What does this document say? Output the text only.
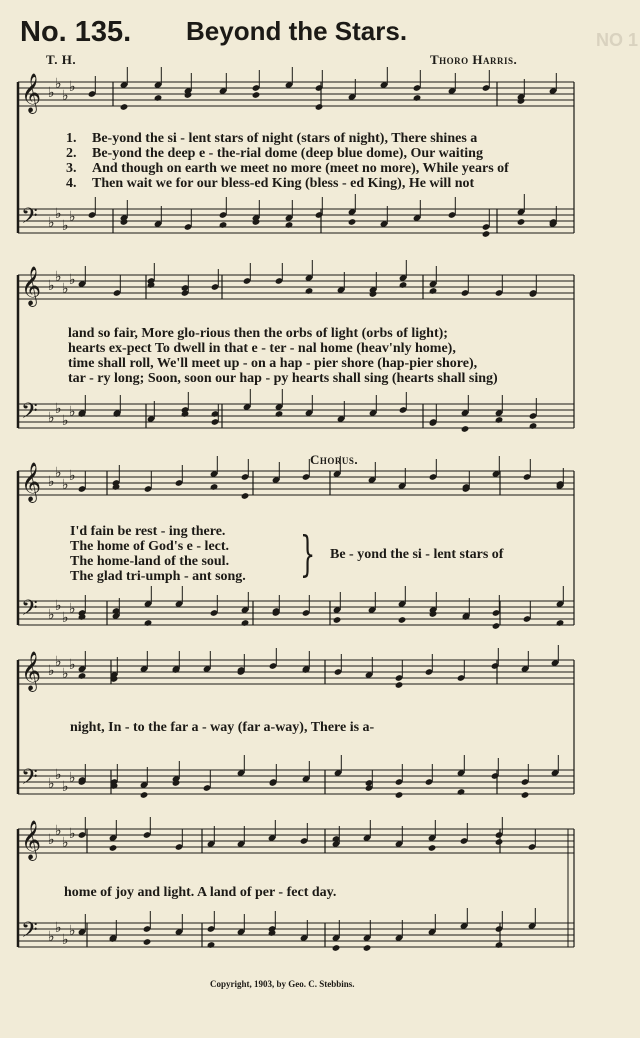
𝄞 ♭
♭
♭
♭
𝄢 ♭
♭
♭
♭
𝄞 ♭
♭
♭
♭
𝄢 ♭
♭
♭
♭
𝄞 ♭
♭
♭
♭
𝄢 ♭
♭
♭
♭
𝄞 ♭
♭
♭
♭
𝄢 ♭
♭
♭
♭
𝄞 ♭
♭
♭
♭
𝄢 ♭
♭
♭
♭
No. 135. Beyond the Stars.	NO 1
T. H.	Thoro Harris.
1. Be-yond the si - lent stars of night (stars of night), There shines a
2. Be-yond the deep e - the-rial dome (deep blue dome), Our waiting
3. And though on earth we meet no more (meet no more), While years of
4. Then wait we for our bless-ed King (bless - ed King), He will not
land so fair, More glo-rious then the orbs of light (orbs of light);
hearts ex-pect To dwell in that e - ter - nal home (heav'nly home),
time shall roll, We'll meet up - on a hap - pier shore (hap-pier shore),
tar - ry long; Soon, soon our hap - py hearts shall sing (hearts shall sing)
Chorus.
I'd fain be rest - ing there.
The home of God's e - lect.
The home-land of the soul.
The glad tri-umph - ant song. } Be - yond the si - lent stars of
night, In - to the far a - way (far a-way), There is a-
home of joy and light. A land of per - fect day.
Copyright, 1903, by Geo. C. Stebbins.
